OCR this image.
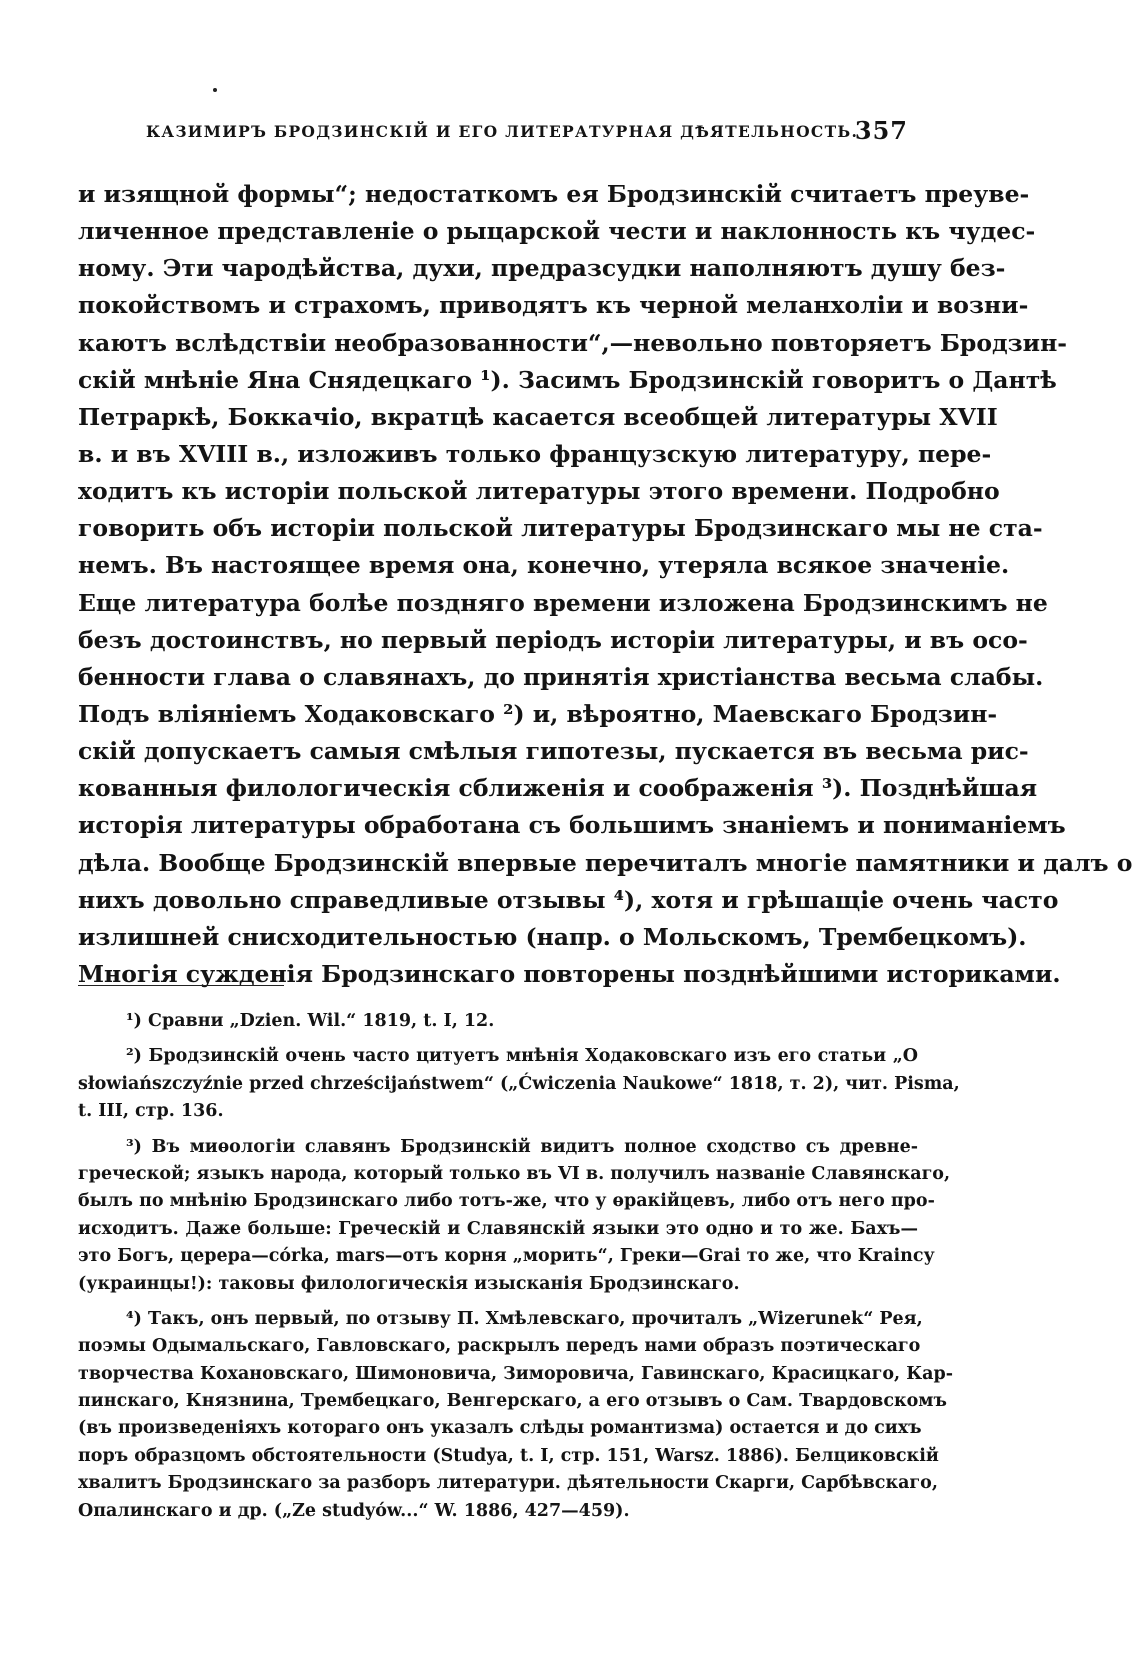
КАЗИМИРЪ БРОДЗИНСКІЙ И ЕГО ЛИТЕРАТУРНАЯ ДѢЯТЕЛЬНОСТЬ.
357
и изящной формы“; недостаткомъ ея Бродзинскій считаетъ преуве-
личенное представленіе о рыцарской чести и наклонность къ чудес-
ному. Эти чародѣйства, духи, предразсудки наполняютъ душу без-
покойствомъ и страхомъ, приводятъ къ черной меланхоліи и возни-
каютъ вслѣдствіи необразованности“,—невольно повторяетъ Бродзин-
скій мнѣніе Яна Снядецкаго ¹). Засимъ Бродзинскій говоритъ о Дантѣ
Петраркѣ, Боккачіо, вкратцѣ касается всеобщей литературы XVII
в. и въ XVIII в., изложивъ только французскую литературу, пере-
ходитъ къ исторіи польской литературы этого времени. Подробно
говорить объ исторіи польской литературы Бродзинскаго мы не ста-
немъ. Въ настоящее время она, конечно, утеряла всякое значеніе.
Еще литература болѣе поздняго времени изложена Бродзинскимъ не
безъ достоинствъ, но первый періодъ исторіи литературы, и въ осо-
бенности глава о славянахъ, до принятія христіанства весьма слабы.
Подъ вліяніемъ Ходаковскаго ²) и, вѣроятно, Маевскаго Бродзин-
скій допускаетъ самыя смѣлыя гипотезы, пускается въ весьма рис-
кованныя филологическія сближенія и соображенія ³). Позднѣйшая
исторія литературы обработана съ большимъ знаніемъ и пониманіемъ
дѣла. Вообще Бродзинскій впервые перечиталъ многіе памятники и далъ о
нихъ довольно справедливые отзывы ⁴), хотя и грѣшащіе очень часто
излишней снисходительностью (напр. о Мольскомъ, Трембецкомъ).
Многія сужденія Бродзинскаго повторены позднѣйшими историками.
¹) Сравни „Dzien. Wil.“ 1819, t. I, 12.
²) Бродзинскій очень часто цитуетъ мнѣнія Ходаковскаго изъ его статьи „O
słowiańszczyźnie przed chrześcijaństwem“ („Ćwiczenia Naukowe“ 1818, т. 2), чит. Pisma,
t. III, стр. 136.
³) Въ миѳологіи славянъ Бродзинскій видитъ полное сходство съ древне-
греческой; языкъ народа, который только въ VI в. получилъ названіе Славянскаго,
былъ по мнѣнію Бродзинскаго либо тотъ-же, что у ѳракійцевъ, либо отъ него про-
исходитъ. Даже больше: Греческій и Славянскій языки это одно и то же. Бахъ—
это Богъ, церера—córka, mars—отъ корня „морить“, Греки—Grai то же, что Krainсу
(украинцы!): таковы филологическія изысканія Бродзинскаго.
⁴) Такъ, онъ первый, по отзыву П. Хмѣлевскаго, прочиталъ „Wizerunek“ Рея,
поэмы Одымальскаго, Гавловскаго, раскрылъ передъ нами образъ поэтическаго
творчества Кохановскаго, Шимоновича, Зиморовича, Гавинскаго, Красицкаго, Кар-
пинскаго, Князнина, Трембецкаго, Венгерскаго, а его отзывъ о Сам. Твардовскомъ
(въ произведеніяхъ котораго онъ указалъ слѣды романтизма) остается и до сихъ
поръ образцомъ обстоятельности (Studya, t. I, стр. 151, Warsz. 1886). Белциковскій
хвалитъ Бродзинскаго за разборъ литератури. дѣятельности Скарги, Сарбѣвскаго,
Опалинскаго и др. („Ze studyów...“ W. 1886, 427—459).
